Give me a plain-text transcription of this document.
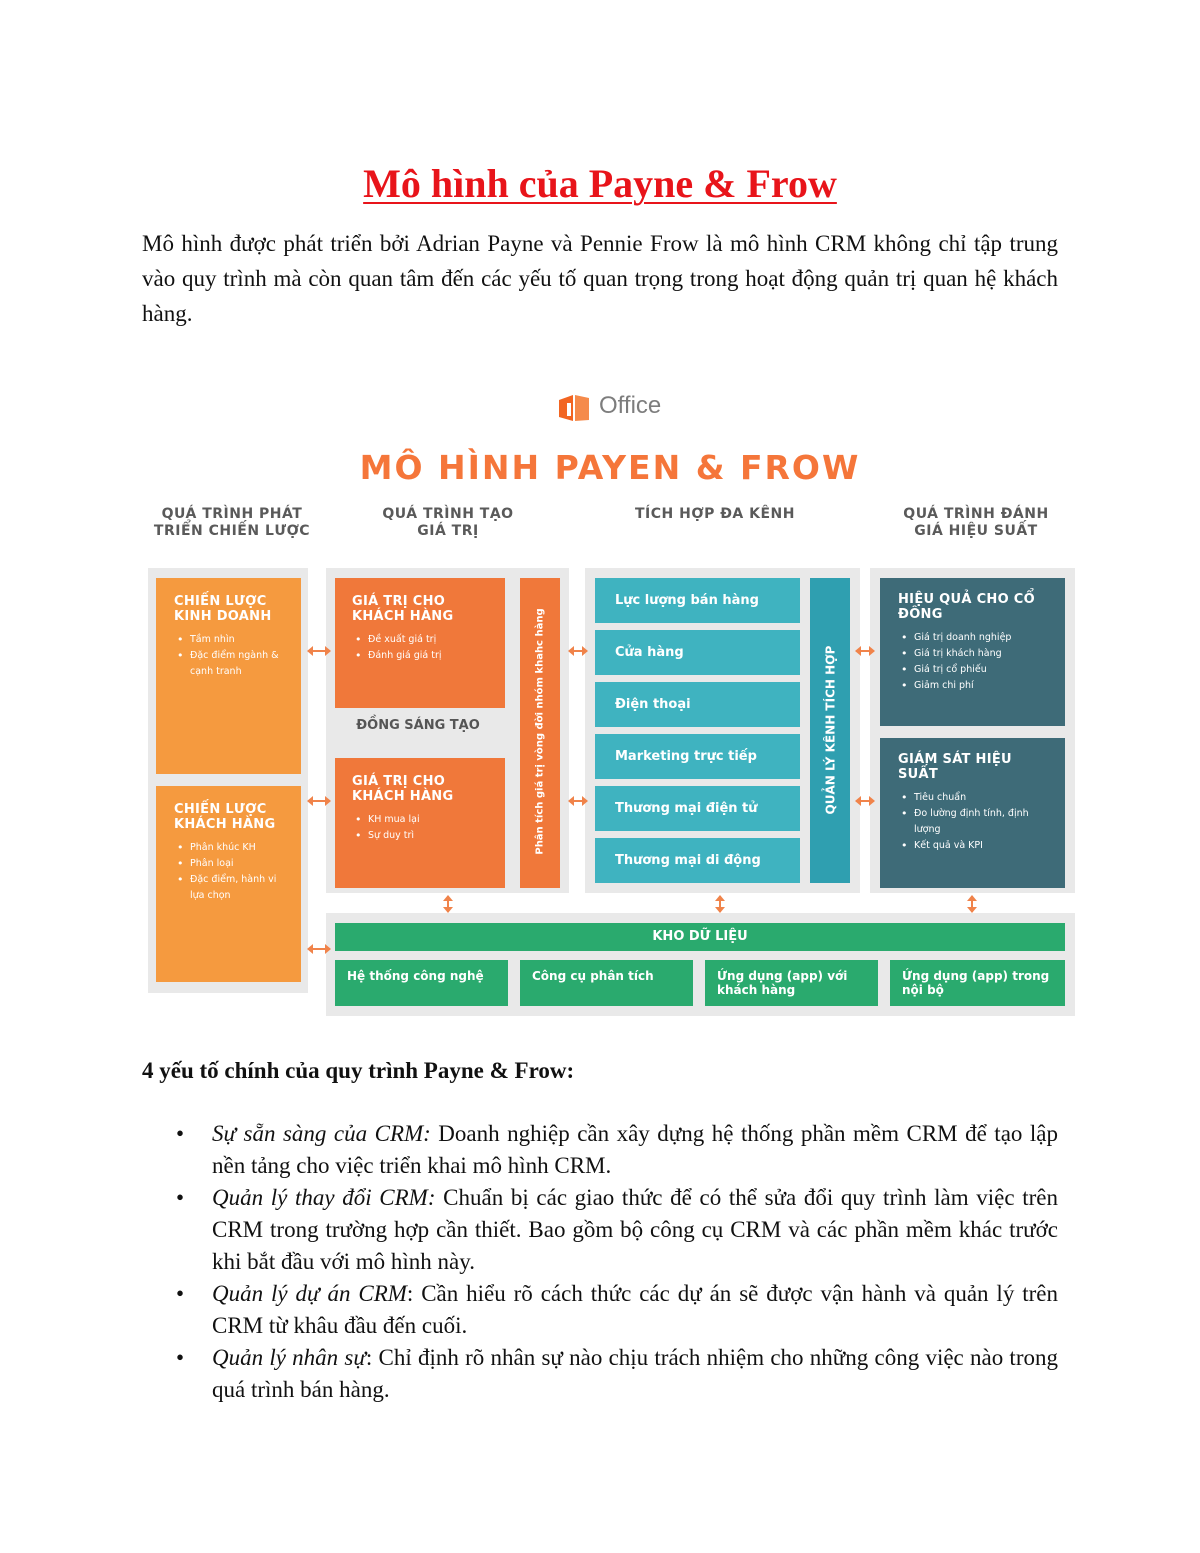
Mô hình của Payne & Frow

Mô hình được phát triển bởi Adrian Payne và Pennie Frow là mô hình CRM không chỉ tập trung vào quy trình mà còn quan tâm đến các yếu tố quan trọng trong hoạt động quản trị quan hệ khách hàng.

Office
MÔ HÌNH PAYEN & FROW
QUÁ TRÌNH PHÁT TRIỂN CHIẾN LƯỢC
QUÁ TRÌNH TẠO GIÁ TRỊ
TÍCH HỢP ĐA KÊNH	QUÁ TRÌNH ĐÁNH GIÁ HIỆU SUẤT
CHIẾN LƯỢC KINH DOANH
• Tầm nhìn
• Đặc điểm ngành & cạnh tranh
CHIẾN LƯỢC KHÁCH HÀNG
• Phân khúc KH
• Phân loại
• Đặc điểm, hành vi lựa chọn
GIÁ TRỊ CHO KHÁCH HÀNG
• Đề xuất giá trị
• Đánh giá giá trị
ĐỒNG SÁNG TẠO
GIÁ TRỊ CHO KHÁCH HÀNG
• KH mua lại
• Sự duy trì	Phân tích giá trị vòng đời nhóm khahc hàng
Lực lượng bán hàng
Cửa hàng
Điện thoại
Marketing trực tiếp
Thương mại điện tử
Thương mại di động
QUẢN LÝ KÊNH TÍCH HỢP
HIỆU QUẢ CHO CỔ ĐÔNG
• Giá trị doanh nghiệp
• Giá trị khách hàng
• Giá trị cổ phiếu
• Giảm chi phí
GIÁM SÁT HIỆU SUẤT
• Tiêu chuẩn
• Đo lường định tính, định lượng
• Kết quả và KPI
KHO DỮ LIỆU
Hệ thống công nghệ	Công cụ phân tích	Ứng dụng (app) với khách hàng
Ứng dụng (app) trong nội bộ
4 yếu tố chính của quy trình Payne & Frow:
• Sự sẵn sàng của CRM: Doanh nghiệp cần xây dựng hệ thống phần mềm CRM để tạo lập nền tảng cho việc triển khai mô hình CRM.
• Quản lý thay đổi CRM: Chuẩn bị các giao thức để có thể sửa đổi quy trình làm việc trên CRM trong trường hợp cần thiết. Bao gồm bộ công cụ CRM và các phần mềm khác trước khi bắt đầu với mô hình này.
• Quản lý dự án CRM: Cần hiểu rõ cách thức các dự án sẽ được vận hành và quản lý trên CRM từ khâu đầu đến cuối.
• Quản lý nhân sự: Chỉ định rõ nhân sự nào chịu trách nhiệm cho những công việc nào trong quá trình bán hàng.
